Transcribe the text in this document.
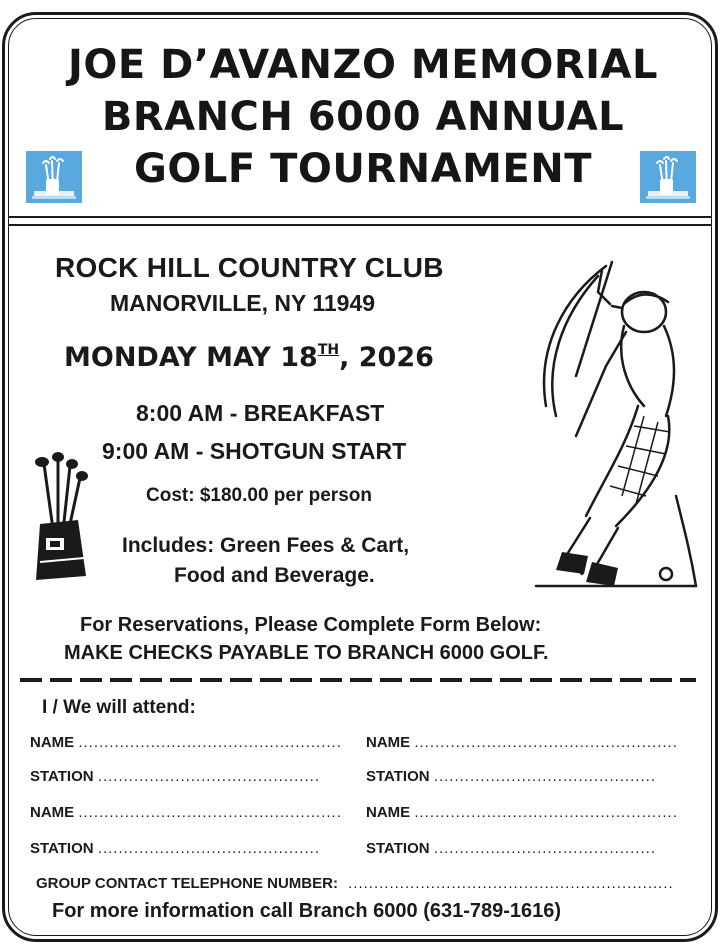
JOE D’AVANZO MEMORIAL
BRANCH 6000 ANNUAL
GOLF TOURNAMENT
ROCK HILL COUNTRY CLUB
MANORVILLE, NY 11949
MONDAY MAY 18TH, 2026
8:00 AM - BREAKFAST
9:00 AM - SHOTGUN START
Cost: $180.00 per person
Includes: Green Fees & Cart,
Food and Beverage.
For Reservations, Please Complete Form Below:
MAKE CHECKS PAYABLE TO BRANCH 6000 GOLF.
I / We will attend:
NAME ................................................... NAME ...................................................
STATION ...........................................	STATION ...........................................
NAME ................................................... NAME ...................................................
STATION ...........................................	STATION ...........................................
GROUP CONTACT TELEPHONE NUMBER: ...............................................................
For more information call Branch 6000 (631-789-1616)
